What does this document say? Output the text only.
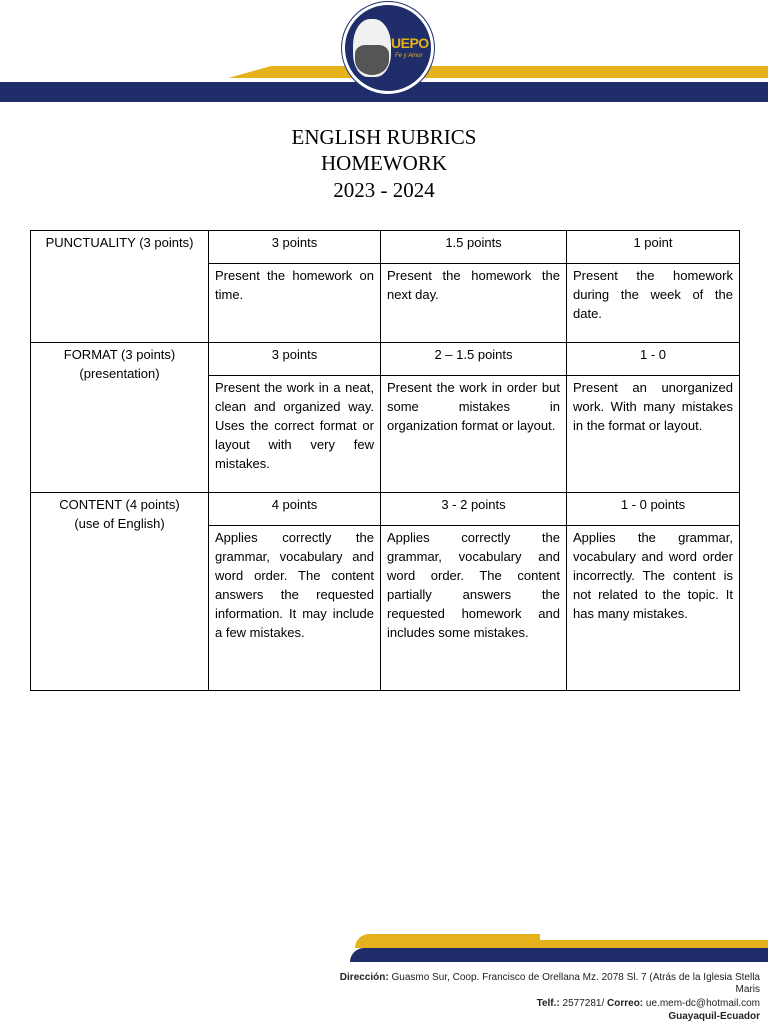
UEPO
Fe y Amor
ENGLISH RUBRICS
HOMEWORK
2023 - 2024
PUNCTUALITY (3 points)	3 points	1.5 points	1 point
	Present the homework on time.	Present the homework the next day.	Present the homework during the week of the date.

FORMAT (3 points)
(presentation)	3 points	2 – 1.5 points	1 - 0
	Present the work in a neat, clean and organized way. Uses the correct format or layout with very few mistakes.	Present the work in order but some mistakes in organization format or layout.	Present an unorganized work. With many mistakes in the format or layout.

CONTENT (4 points)
(use of English)	4 points	3 - 2 points	1 - 0 points
	Applies correctly the grammar, vocabulary and word order. The content answers the requested information. It may include a few mistakes.	Applies correctly the grammar, vocabulary and word order. The content partially answers the requested homework and includes some mistakes.	Applies the grammar, vocabulary and word order incorrectly. The content is not related to the topic. It has many mistakes.
Dirección: Guasmo Sur, Coop. Francisco de Orellana Mz. 2078 Sl. 7 (Atrás de la Iglesia Stella Maris
Telf.: 2577281/ Correo: ue.mem-dc@hotmail.com
Guayaquil-Ecuador
